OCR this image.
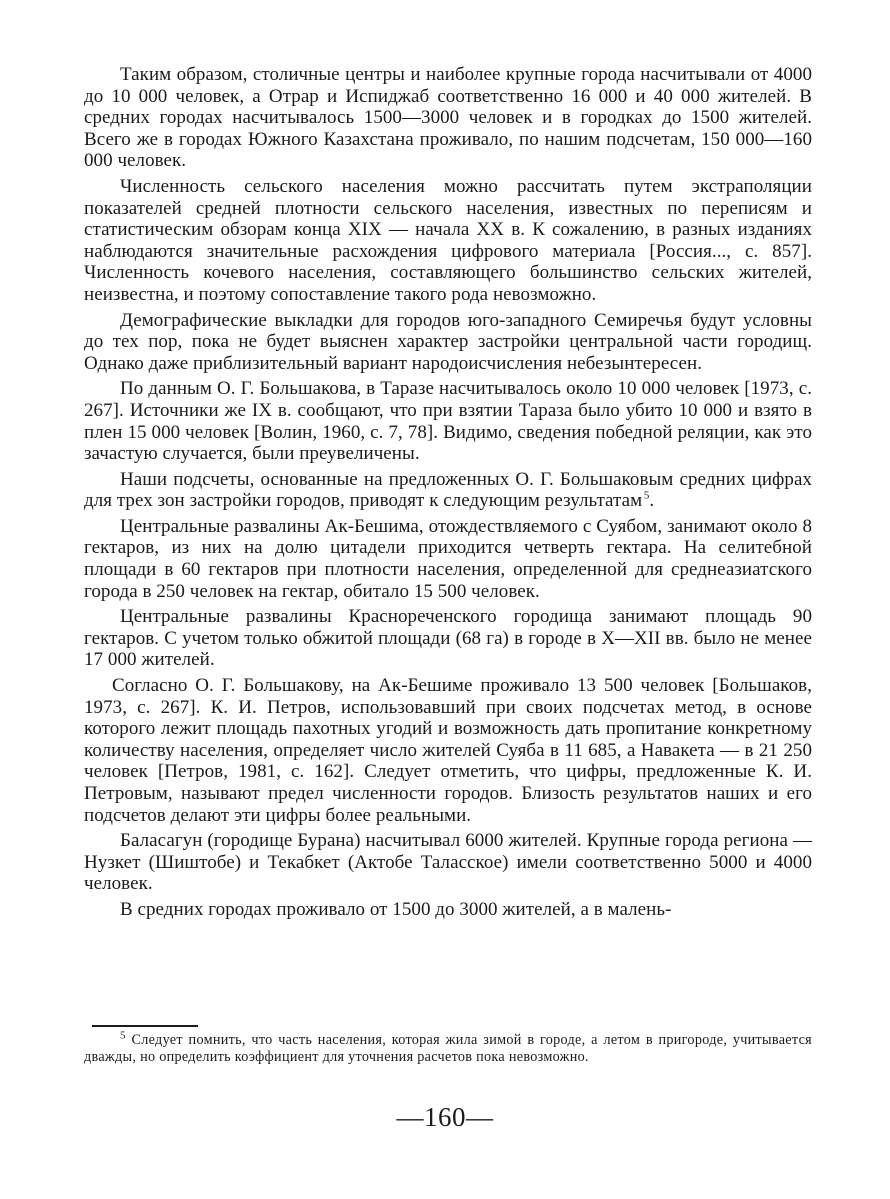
Таким образом, столичные центры и наиболее крупные города насчитывали от 4000 до 10 000 человек, а Отрар и Испиджаб соответственно 16 000 и 40 000 жителей. В средних городах насчитывалось 1500—3000 человек и в городках до 1500 жителей. Всего же в городах Южного Казахстана проживало, по нашим подсчетам, 150 000—160 000 человек.

Численность сельского населения можно рассчитать путем экстраполяции показателей средней плотности сельского населения, известных по переписям и статистическим обзорам конца XIX — начала XX в. К сожалению, в разных изданиях наблюдаются значительные расхождения цифрового материала [Россия..., с. 857]. Численность кочевого населения, составляющего большинство сельских жителей, неизвестна, и поэтому сопоставление такого рода невозможно.

Демографические выкладки для городов юго-западного Семиречья будут условны до тех пор, пока не будет выяснен характер застройки центральной части городищ. Однако даже приблизительный вариант народоисчисления небезынтересен.

По данным О. Г. Большакова, в Таразе насчитывалось около 10 000 человек [1973, с. 267]. Источники же IX в. сообщают, что при взятии Тараза было убито 10 000 и взято в плен 15 000 человек [Волин, 1960, с. 7, 78]. Видимо, сведения победной реляции, как это зачастую случается, были преувеличены.

Наши подсчеты, основанные на предложенных О. Г. Большаковым средних цифрах для трех зон застройки городов, приводят к следующим результатам  $^5$.

Центральные развалины Ак-Бешима, отождествляемого с Суябом, занимают около 8 гектаров, из них на долю цитадели приходится четверть гектара. На селитебной площади в 60 гектаров при плотности населения, определенной для среднеазиатского города в 250 человек на гектар, обитало 15 500 человек.

Центральные развалины Краснореченского городища занимают площадь 90 гектаров. С учетом только обжитой площади (68 га) в городе в X—XII вв. было не менее 17 000 жителей.

Согласно О. Г. Большакову, на Ак-Бешиме проживало 13 500 человек [Большаков, 1973, с. 267]. К. И. Петров, использовавший при своих подсчетах метод, в основе которого лежит площадь пахотных угодий и возможность дать пропитание конкретному количеству населения, определяет число жителей Суяба в 11 685, а Навакета — в 21 250 человек [Петров, 1981, с. 162]. Следует отметить, что цифры, предложенные К. И. Петровым, называют предел численности городов. Близость результатов наших и его подсчетов делают эти цифры более реальными.

Баласагун (городище Бурана) насчитывал 6000 жителей. Крупные города региона — Нузкет (Шиштобе) и Текабкет (Актобе Таласское) имели соответственно 5000 и 4000 человек.

В средних городах проживало от 1500 до 3000 жителей, а в малень-

$^5$ Следует помнить, что часть населения, которая жила зимой в городе, а летом в пригороде, учитывается дважды, но определить коэффициент для уточнения расчетов пока невозможно.

—160—
